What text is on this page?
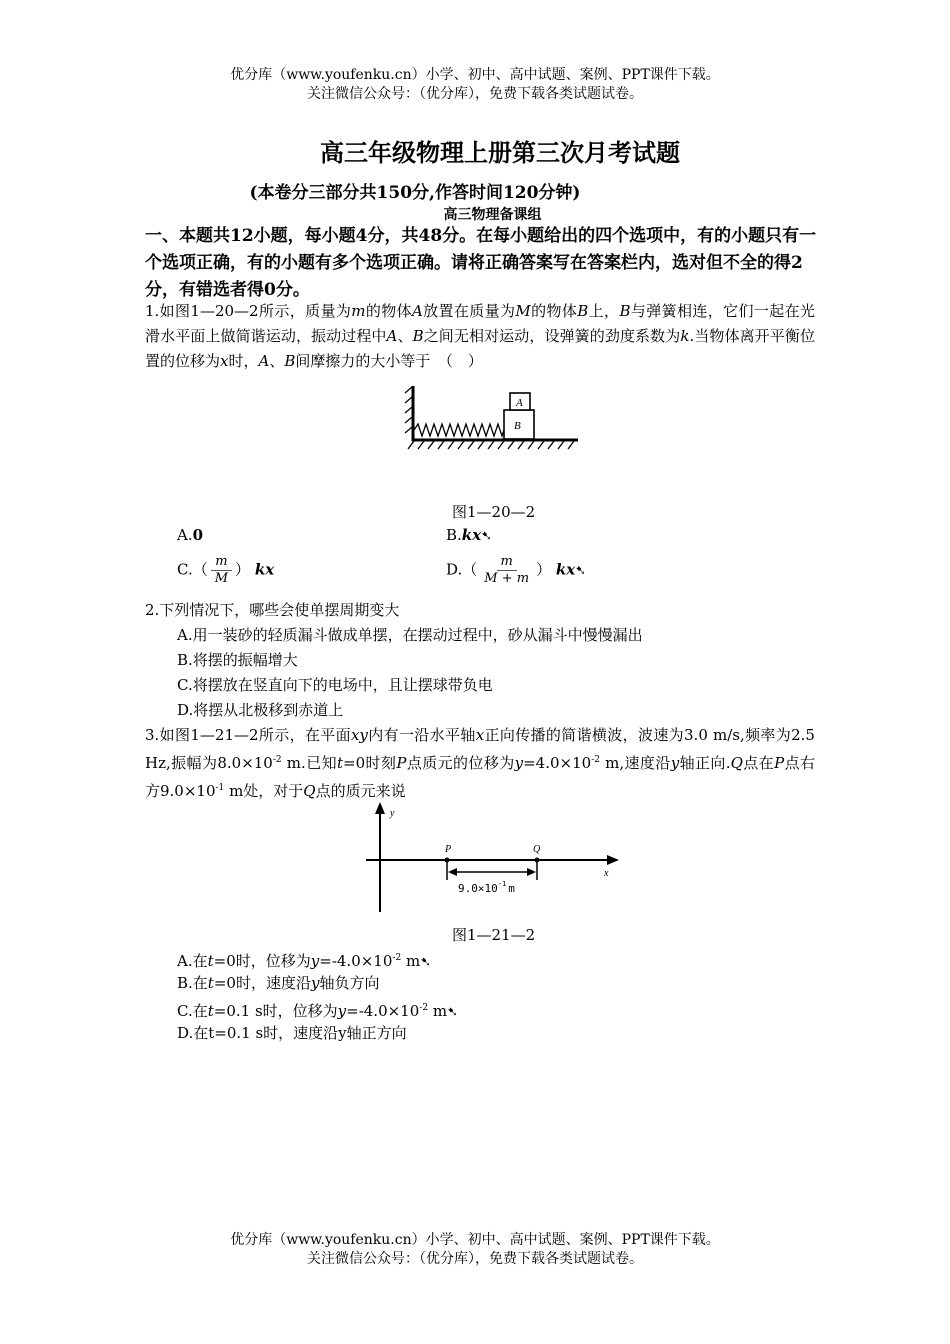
优分库（www.youfenku.cn）小学、初中、高中试题、案例、PPT课件下载。
关注微信公众号：（优分库），免费下载各类试题试卷。
高三年级物理上册第三次月考试题
(本卷分三部分共150分,作答时间120分钟)
高三物理备课组
一、本题共12小题，每小题4分，共48分。在每小题给出的四个选项中，有的小题只有一个选项正确，有的小题有多个选项正确。请将正确答案写在答案栏内，选对但不全的得2分，有错选者得0分。
1.如图1—20—2所示，质量为m的物体A放置在质量为M的物体B上，B与弹簧相连，它们一起在光滑水平面上做简谐运动，振动过程中A、B之间无相对运动，设弹簧的劲度系数为k.当物体离开平衡位置的位移为x时，A、B间摩擦力的大小等于　（　）
A
B
图1—20—2
A.0	B.kx➷
$C.( \frac{m}{M}$ ） kx	$D.( \frac{m}{M + m}$ ） kx➷
2.下列情况下，哪些会使单摆周期变大
A.用一装砂的轻质漏斗做成单摆，在摆动过程中，砂从漏斗中慢慢漏出
B.将摆的振幅增大
C.将摆放在竖直向下的电场中，且让摆球带负电
D.将摆从北极移到赤道上
3.如图1—21—2所示，在平面xy内有一沿水平轴x正向传播的简谐横波，波速为3.0 m/s,频率为2.5 Hz,振幅为$8.0\times 10^{-2}$ m.已知t=0时刻P点质元的位移为$y=4.0\times 10^{-2}$ m,速度沿y轴正向.Q点在P点右方$9.0\times 10^{-1}$ m处，对于Q点的质元来说
y
x
P	Q
$9.0\times 10^{-1}$ m
图1—21—2
A.在t=0时，位移为$y=-4.0\times 10^{-2}$ m➷
B.在t=0时，速度沿y轴负方向
C.在t=0.1 s时，位移为$y=-4.0\times 10^{-2}$ m➷
D.在t=0.1 s时，速度沿y轴正方向
优分库（www.youfenku.cn）小学、初中、高中试题、案例、PPT课件下载。
关注微信公众号：（优分库），免费下载各类试题试卷。
